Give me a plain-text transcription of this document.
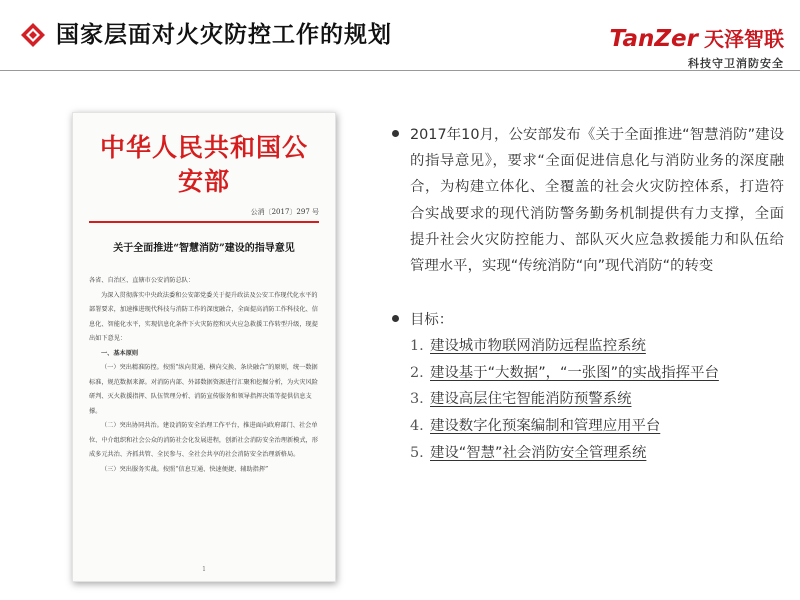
国家层面对火灾防控工作的规划	TanZer 天泽智联
科技守卫消防安全
中华人民共和国公安部
公消〔2017〕297 号
关于全面推进“智慧消防”建设的指导意见

各省、自治区、直辖市公安消防总队：

为深入贯彻落实中央政法委和公安部党委关于提升政法及公安工作现代化水平的部署要求，加速推进现代科技与消防工作的深度融合，全面提高消防工作科技化、信息化、智能化水平，实现信息化条件下火灾防控和灭火应急救援工作转型升级，现提出如下意见：

一、基本原则

（一）突出精准防控。按照“纵向贯通、横向交换、条块融合”的原则，统一数据标准，规范数据来源。对消防内部、外部数据资源进行汇聚和挖掘分析，为火灾风险研判、灭火救援指挥、队伍管理分析、消防宣传服务和领导指挥决策等提供信息支撑。

（二）突出协同共治。建设消防安全治理工作平台，推进面向政府部门、社会单位、中介组织和社会公众的消防社会化发展进程，创新社会消防安全治理新模式，形成多元共治、齐抓共管、全民参与、全社会共享的社会消防安全治理新格局。

（三）突出服务实战。按照“信息互通、快速便捷、辅助指挥”

1
2017年10月，公安部发布《关于全面推进“智慧消防”建设的指导意见》，要求“全面促进信息化与消防业务的深度融合，为构建立体化、全覆盖的社会火灾防控体系，打造符合实战要求的现代消防警务勤务机制提供有力支撑，全面提升社会火灾防控能力、部队灭火应急救援能力和队伍给管理水平，实现“传统消防“向”现代消防“的转变
目标：
1. 建设城市物联网消防远程监控系统
2. 建设基于“大数据”，“一张图”的实战指挥平台
3. 建设高层住宅智能消防预警系统
4. 建设数字化预案编制和管理应用平台
5. 建设“智慧”社会消防安全管理系统
